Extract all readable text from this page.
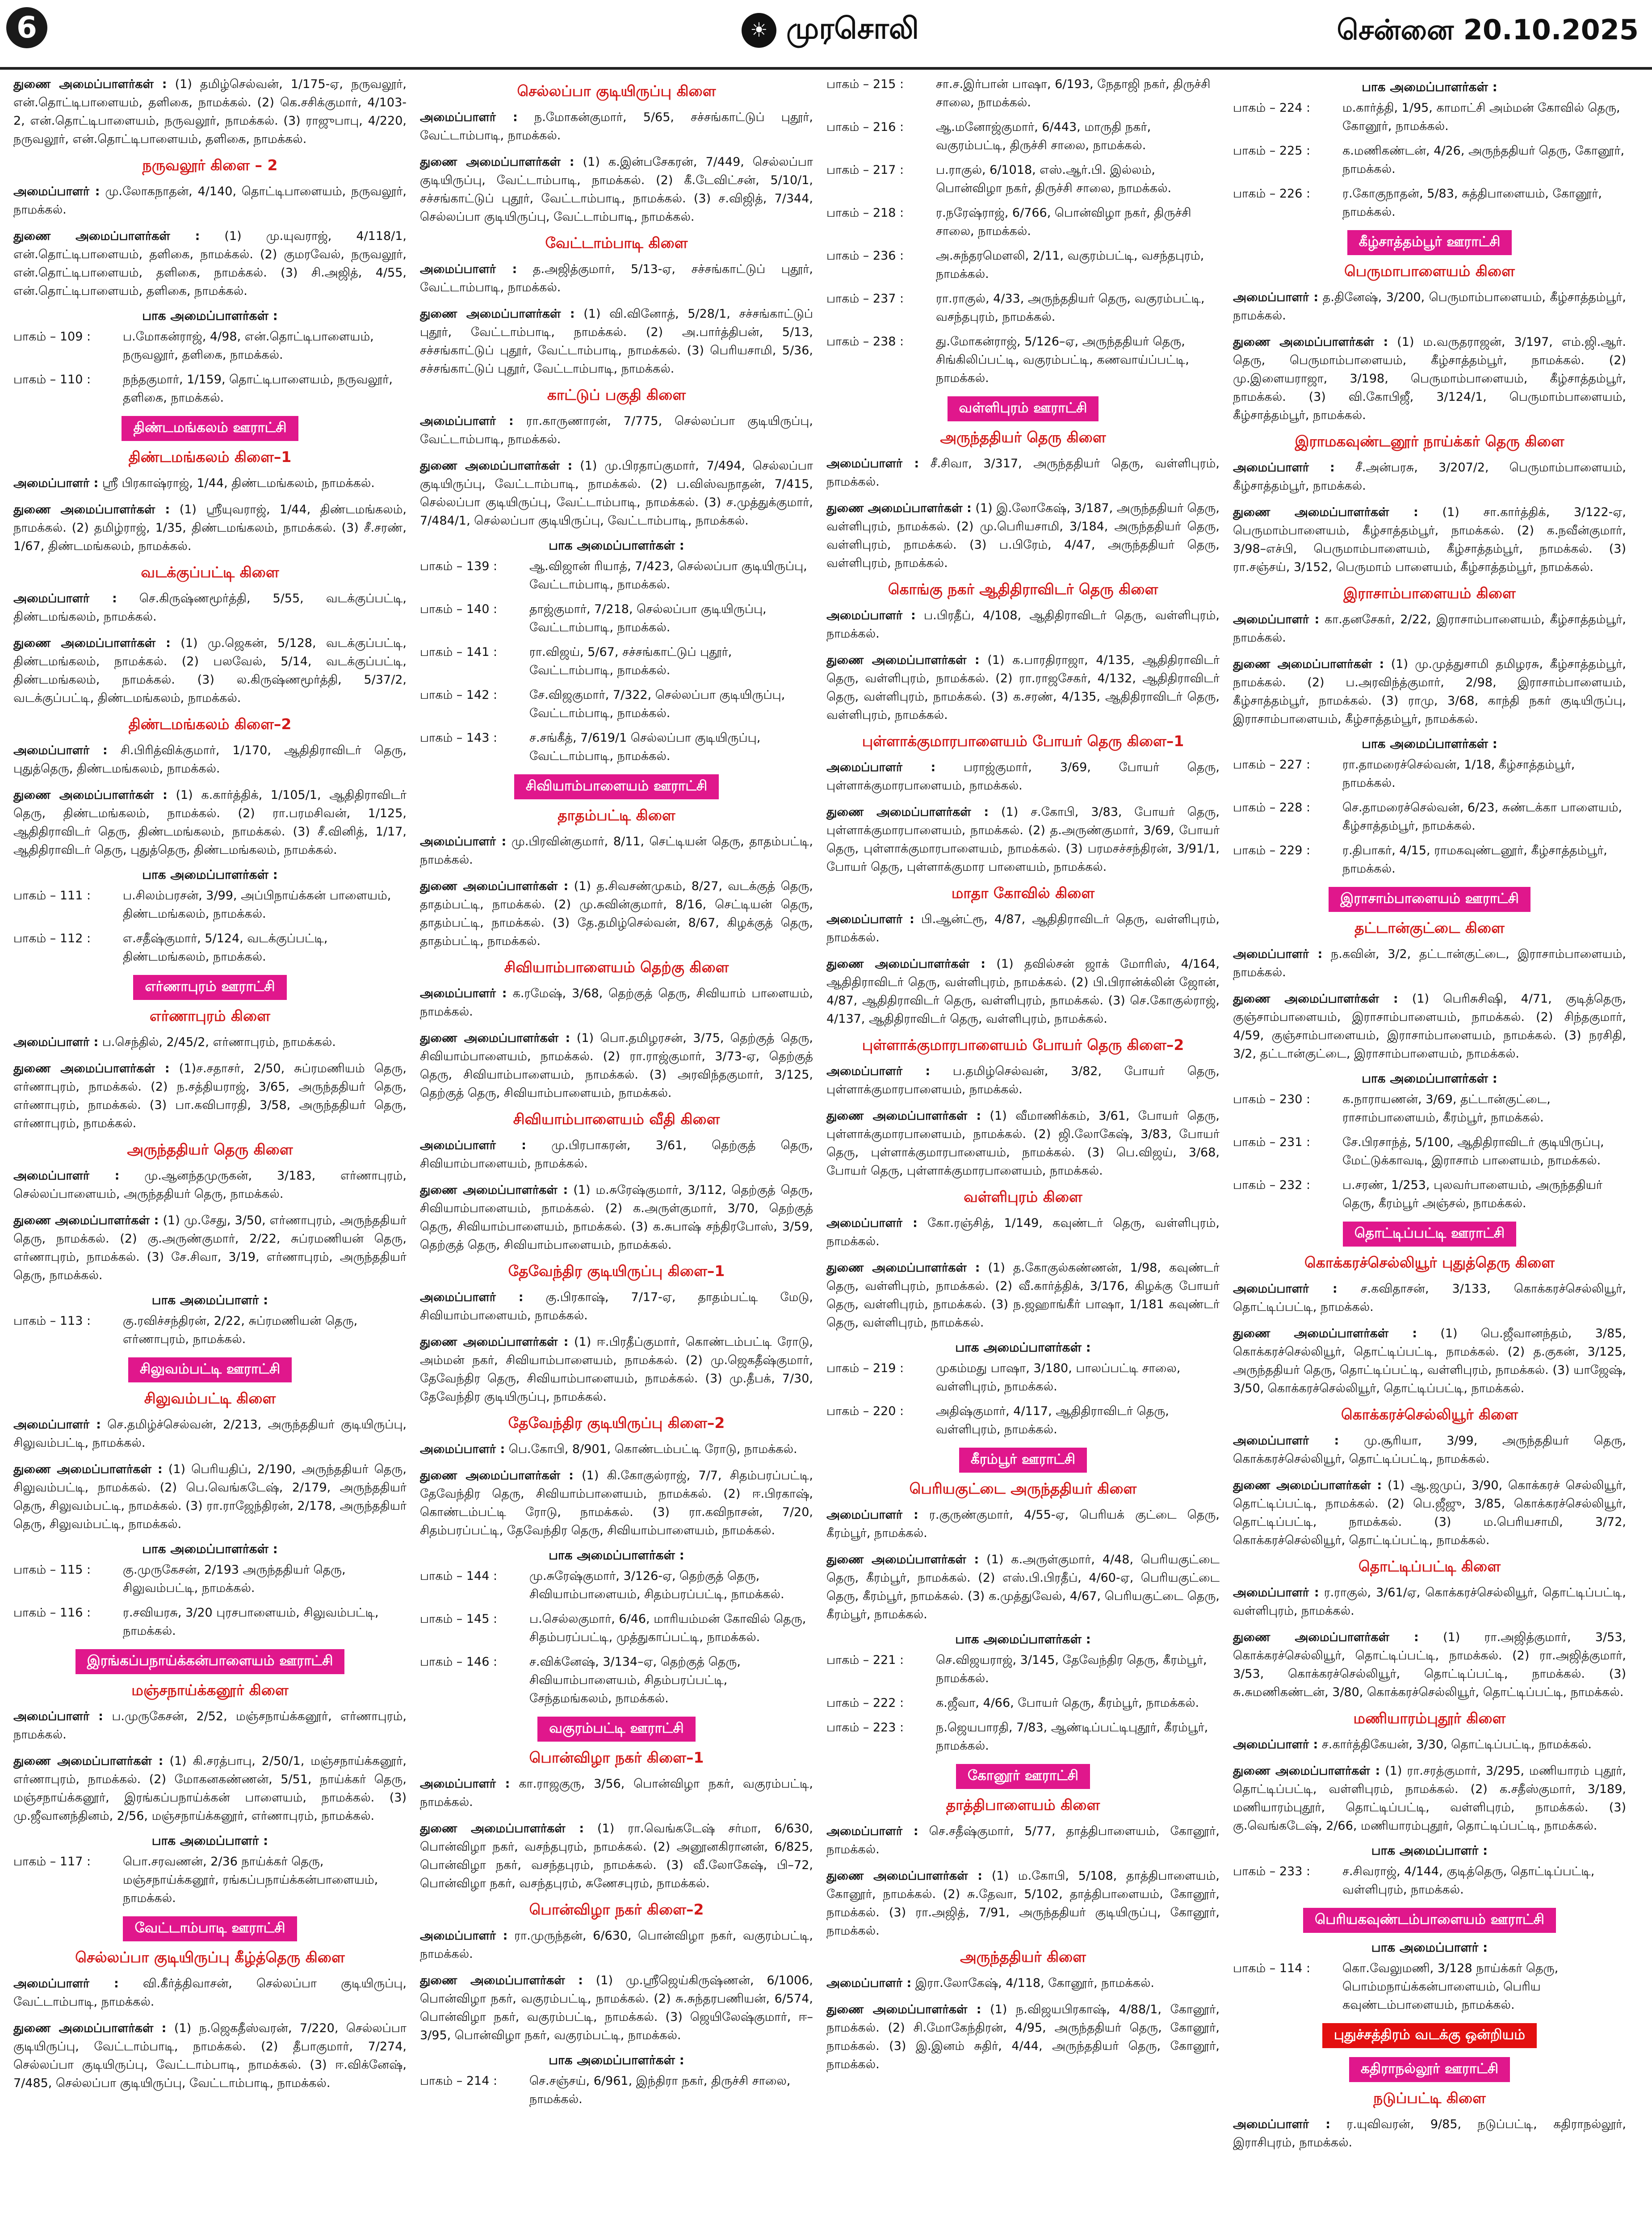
6	☀ முரசொலி	சென்னை 20.10.2025

துணை அமைப்பாளர்கள் : (1) தமிழ்செல்வன், 1/175-ஏ, நருவலூர், என்.தொட்டிபாளையம், தளிகை, நாமக்கல். (2) கெ.சசிக்குமார், 4/103-2, என்.தொட்டிபாளையம், நருவலூர், நாமக்கல். (3) ராஜுபாபு, 4/220, நருவலூர், என்.தொட்டிபாளையம், தளிகை, நாமக்கல்.

நருவலூர் கிளை – 2

அமைப்பாளர் : மு.லோகநாதன், 4/140, தொட்டிபாளையம், நருவலூர், நாமக்கல்.

துணை அமைப்பாளர்கள் : (1) மு.யுவராஜ், 4/118/1, என்.தொட்டிபாளையம், தளிகை, நாமக்கல். (2) குமரவேல், நருவலூர், என்.தொட்டிபாளையம், தளிகை, நாமக்கல். (3) சி.அஜித், 4/55, என்.தொட்டிபாளையம், தளிகை, நாமக்கல்.

பாக அமைப்பாளர்கள் :
பாகம் – 109 :	ப.மோகன்ராஜ், 4/98, என்.தொட்டிபாளையம், நருவலூர், தளிகை, நாமக்கல்.
பாகம் – 110 :	நந்தகுமார், 1/159, தொட்டிபாளையம், நருவலூர், தளிகை, நாமக்கல்.
திண்டமங்கலம் ஊராட்சி
திண்டமங்கலம் கிளை–1

அமைப்பாளர் : ஸ்ரீ பிரகாஷ்ராஜ், 1/44, திண்டமங்கலம், நாமக்கல்.

துணை அமைப்பாளர்கள் : (1) ஸ்ரீயுவராஜ், 1/44, திண்டமங்கலம், நாமக்கல். (2) தமிழ்ராஜ், 1/35, திண்டமங்கலம், நாமக்கல். (3) சீ.சரண், 1/67, திண்டமங்கலம், நாமக்கல்.

வடக்குப்பட்டி கிளை

அமைப்பாளர் : செ.கிருஷ்ணமூர்த்தி, 5/55, வடக்குப்பட்டி, திண்டமங்கலம், நாமக்கல்.

துணை அமைப்பாளர்கள் : (1) மு.ஜெகன், 5/128, வடக்குப்பட்டி, திண்டமங்கலம், நாமக்கல். (2) பலவேல், 5/14, வடக்குப்பட்டி, திண்டமங்கலம், நாமக்கல். (3) ல.கிருஷ்ணமூர்த்தி, 5/37/2, வடக்குப்பட்டி, திண்டமங்கலம், நாமக்கல்.

திண்டமங்கலம் கிளை–2

அமைப்பாளர் : சி.பிரித்விக்குமார், 1/170, ஆதிதிராவிடர் தெரு, புதுத்தெரு, திண்டமங்கலம், நாமக்கல்.

துணை அமைப்பாளர்கள் : (1) க.கார்த்திக், 1/105/1, ஆதிதிராவிடர் தெரு, திண்டமங்கலம், நாமக்கல். (2) ரா.பரமசிவன், 1/125, ஆதிதிராவிடர் தெரு, திண்டமங்கலம், நாமக்கல். (3) சீ.வினித், 1/17, ஆதிதிராவிடர் தெரு, புதுத்தெரு, திண்டமங்கலம், நாமக்கல்.

பாக அமைப்பாளர்கள் :
பாகம் – 111 :	ப.சிலம்பரசன், 3/99, அப்பிநாய்க்கன் பாளையம், திண்டமங்கலம், நாமக்கல்.
பாகம் – 112 :	எ.சதீஷ்குமார், 5/124, வடக்குப்பட்டி, திண்டமங்கலம், நாமக்கல்.
எர்ணாபுரம் ஊராட்சி
எர்ணாபுரம் கிளை

அமைப்பாளர் : ப.செந்தில், 2/45/2, எர்ணாபுரம், நாமக்கல்.

துணை அமைப்பாளர்கள் : (1)ச.சதாசர், 2/50, சுப்ரமணியம் தெரு, எர்ணாபுரம், நாமக்கல். (2) ந.சத்தியராஜ், 3/65, அருந்ததியர் தெரு, எர்ணாபுரம், நாமக்கல். (3) பா.கவிபாரதி, 3/58, அருந்ததியர் தெரு, எர்ணாபுரம், நாமக்கல்.

அருந்ததியர் தெரு கிளை

அமைப்பாளர் : மு.ஆனந்தமுருகன், 3/183, எர்ணாபுரம், செல்லப்பாளையம், அருந்ததியர் தெரு, நாமக்கல்.

துணை அமைப்பாளர்கள் : (1) மு.சேது, 3/50, எர்ணாபுரம், அருந்ததியர் தெரு, நாமக்கல். (2) கு.அருண்குமார், 2/22, சுப்ரமணியன் தெரு, எர்ணாபுரம், நாமக்கல். (3) சே.சிவா, 3/19, எர்ணாபுரம், அருந்ததியர் தெரு, நாமக்கல்.

பாக அமைப்பாளர் :
பாகம் – 113 :	கு.ரவிச்சந்திரன், 2/22, சுப்ரமணியன் தெரு, எர்ணாபுரம், நாமக்கல்.
சிலுவம்பட்டி ஊராட்சி
சிலுவம்பட்டி கிளை

அமைப்பாளர் : செ.தமிழ்ச்செல்வன், 2/213, அருந்ததியர் குடியிருப்பு, சிலுவம்பட்டி, நாமக்கல்.

துணை அமைப்பாளர்கள் : (1) பெரியதிப், 2/190, அருந்ததியர் தெரு, சிலுவம்பட்டி, நாமக்கல். (2) பெ.வெங்கடேஷ், 2/179, அருந்ததியர் தெரு, சிலுவம்பட்டி, நாமக்கல். (3) ரா.ராஜேந்திரன், 2/178, அருந்ததியர் தெரு, சிலுவம்பட்டி, நாமக்கல்.

பாக அமைப்பாளர்கள் :
பாகம் – 115 :	கு.முருகேசன், 2/193 அருந்ததியர் தெரு, சிலுவம்பட்டி, நாமக்கல்.
பாகம் – 116 :	ர.சவியரசு, 3/20 புரசபாளையம், சிலுவம்பட்டி, நாமக்கல்.
இரங்கப்பநாய்க்கன்பாளையம் ஊராட்சி
மஞ்சநாய்க்கனூர் கிளை

அமைப்பாளர் : ப.முருகேசன், 2/52, மஞ்சநாய்க்கனூர், எர்ணாபுரம், நாமக்கல்.

துணை அமைப்பாளர்கள் : (1) கி.சரத்பாபு, 2/50/1, மஞ்சநாய்க்கனூர், எர்ணாபுரம், நாமக்கல். (2) மோகனகண்ணன், 5/51, நாய்க்கர் தெரு, மஞ்சநாய்க்கனூர், இரங்கப்பநாய்க்கன் பாளையம், நாமக்கல். (3) மு.ஜீவானந்தினம், 2/56, மஞ்சநாய்க்கனூர், எர்ணாபுரம், நாமக்கல்.

பாக அமைப்பாளர் :
பாகம் – 117 :	பொ.சரவணன், 2/36 நாய்க்கர் தெரு, மஞ்சநாய்க்கனூர், ரங்கப்பநாய்க்கன்பாளையம், நாமக்கல்.
வேட்டாம்பாடி ஊராட்சி
செல்லப்பா குடியிருப்பு கீழ்த்தெரு கிளை

அமைப்பாளர் : வி.கீர்த்திவாசன், செல்லப்பா குடியிருப்பு, வேட்டாம்பாடி, நாமக்கல்.

துணை அமைப்பாளர்கள் : (1) ந.ஜெகதீஸ்வரன், 7/220, செல்லப்பா குடியிருப்பு, வேட்டாம்பாடி, நாமக்கல். (2) தீபாகுமார், 7/274, செல்லப்பா குடியிருப்பு, வேட்டாம்பாடி, நாமக்கல். (3) ஈ.விக்னேஷ், 7/485, செல்லப்பா குடியிருப்பு, வேட்டாம்பாடி, நாமக்கல்.

செல்லப்பா குடியிருப்பு கிளை

அமைப்பாளர் : ந.மோகன்குமார், 5/65, சச்சங்காட்டுப் புதூர், வேட்டாம்பாடி, நாமக்கல்.

துணை அமைப்பாளர்கள் : (1) க.இன்பசேகரன், 7/449, செல்லப்பா குடியிருப்பு, வேட்டாம்பாடி, நாமக்கல். (2) கீ.டேவிட்சன், 5/10/1, சச்சங்காட்டுப் புதூர், வேட்டாம்பாடி, நாமக்கல். (3) ச.விஜித், 7/344, செல்லப்பா குடியிருப்பு, வேட்டாம்பாடி, நாமக்கல்.

வேட்டாம்பாடி கிளை

அமைப்பாளர் : த.அஜித்குமார், 5/13-ஏ, சச்சங்காட்டுப் புதூர், வேட்டாம்பாடி, நாமக்கல்.

துணை அமைப்பாளர்கள் : (1) வி.வினோத், 5/28/1, சச்சங்காட்டுப் புதூர், வேட்டாம்பாடி, நாமக்கல். (2) அ.பார்த்திபன், 5/13, சச்சங்காட்டுப் புதூர், வேட்டாம்பாடி, நாமக்கல். (3) பெரியசாமி, 5/36, சச்சங்காட்டுப் புதூர், வேட்டாம்பாடி, நாமக்கல்.

காட்டுப் பகுதி கிளை

அமைப்பாளர் : ரா.காருணாரன், 7/775, செல்லப்பா குடியிருப்பு, வேட்டாம்பாடி, நாமக்கல்.

துணை அமைப்பாளர்கள் : (1) மு.பிரதாப்குமார், 7/494, செல்லப்பா குடியிருப்பு, வேட்டாம்பாடி, நாமக்கல். (2) ப.விஸ்வநாதன், 7/415, செல்லப்பா குடியிருப்பு, வேட்டாம்பாடி, நாமக்கல். (3) ச.முத்துக்குமார், 7/484/1, செல்லப்பா குடியிருப்பு, வேட்டாம்பாடி, நாமக்கல்.

பாக அமைப்பாளர்கள் :
பாகம் – 139 :	ஆ.விஜான் ரியாத், 7/423, செல்லப்பா குடியிருப்பு, வேட்டாம்பாடி, நாமக்கல்.
பாகம் – 140 :	தாஜ்குமார், 7/218, செல்லப்பா குடியிருப்பு, வேட்டாம்பாடி, நாமக்கல்.
பாகம் – 141 :	ரா.விஜய், 5/67, சச்சங்காட்டுப் புதூர், வேட்டாம்பாடி, நாமக்கல்.
பாகம் – 142 :	சே.விஜகுமார், 7/322, செல்லப்பா குடியிருப்பு, வேட்டாம்பாடி, நாமக்கல்.
பாகம் – 143 :	ச.சங்கீத், 7/619/1 செல்லப்பா குடியிருப்பு, வேட்டாம்பாடி, நாமக்கல்.
சிவியாம்பாளையம் ஊராட்சி
தாதம்பட்டி கிளை

அமைப்பாளர் : மு.பிரவின்குமார், 8/11, செட்டியன் தெரு, தாதம்பட்டி, நாமக்கல்.

துணை அமைப்பாளர்கள் : (1) த.சிவசண்முகம், 8/27, வடக்குத் தெரு, தாதம்பட்டி, நாமக்கல். (2) மு.சுவின்குமார், 8/16, செட்டியன் தெரு, தாதம்பட்டி, நாமக்கல். (3) தே.தமிழ்செல்வன், 8/67, கிழக்குத் தெரு, தாதம்பட்டி, நாமக்கல்.

சிவியாம்பாளையம் தெற்கு கிளை

அமைப்பாளர் : க.ரமேஷ், 3/68, தெற்குத் தெரு, சிவியாம் பாளையம், நாமக்கல்.

துணை அமைப்பாளர்கள் : (1) பொ.தமிழரசன், 3/75, தெற்குத் தெரு, சிவியாம்பாளையம், நாமக்கல். (2) ரா.ராஜ்குமார், 3/73-ஏ, தெற்குத் தெரு, சிவியாம்பாளையம், நாமக்கல். (3) அரவிந்தகுமார், 3/125, தெற்குத் தெரு, சிவியாம்பாளையம், நாமக்கல்.

சிவியாம்பாளையம் வீதி கிளை

அமைப்பாளர் : மு.பிரபாகரன், 3/61, தெற்குத் தெரு, சிவியாம்பாளையம், நாமக்கல்.

துணை அமைப்பாளர்கள் : (1) ம.சுரேஷ்குமார், 3/112, தெற்குத் தெரு, சிவியாம்பாளையம், நாமக்கல். (2) க.அருள்குமார், 3/70, தெற்குத் தெரு, சிவியாம்பாளையம், நாமக்கல். (3) க.சுபாஷ் சந்திரபோஸ், 3/59, தெற்குத் தெரு, சிவியாம்பாளையம், நாமக்கல்.

தேவேந்திர குடியிருப்பு கிளை–1

அமைப்பாளர் : கு.பிரகாஷ், 7/17-ஏ, தாதம்பட்டி மேடு, சிவியாம்பாளையம், நாமக்கல்.

துணை அமைப்பாளர்கள் : (1) ஈ.பிரதீப்குமார், கொண்டம்பட்டி ரோடு, அம்மன் நகர், சிவியாம்பாளையம், நாமக்கல். (2) மு.ஜெகதீஷ்குமார், தேவேந்திர தெரு, சிவியாம்பாளையம், நாமக்கல். (3) மு.தீபக், 7/30, தேவேந்திர குடியிருப்பு, நாமக்கல்.

தேவேந்திர குடியிருப்பு கிளை–2

அமைப்பாளர் : பெ.கோபி, 8/901, கொண்டம்பட்டி ரோடு, நாமக்கல்.

துணை அமைப்பாளர்கள் : (1) கி.கோகுல்ராஜ், 7/7, சிதம்பரப்பட்டி, தேவேந்திர தெரு, சிவியாம்பாளையம், நாமக்கல். (2) ஈ.பிரகாஷ், கொண்டம்பட்டி ரோடு, நாமக்கல். (3) ரா.கவிநாசன், 7/20, சிதம்பரப்பட்டி, தேவேந்திர தெரு, சிவியாம்பாளையம், நாமக்கல்.

பாக அமைப்பாளர்கள் :
பாகம் – 144 :	மு.சுரேஷ்குமார், 3/126-ஏ, தெற்குத் தெரு, சிவியாம்பாளையம், சிதம்பரப்பட்டி, நாமக்கல்.
பாகம் – 145 :	ப.செல்லகுமார், 6/46, மாரியம்மன் கோவில் தெரு, சிதம்பரப்பட்டி, முத்துகாப்பட்டி, நாமக்கல்.
பாகம் – 146 :	ச.விக்னேஷ், 3/134–ஏ, தெற்குத் தெரு, சிவியாம்பாளையம், சிதம்பரப்பட்டி, சேந்தமங்கலம், நாமக்கல்.
வகுரம்பட்டி ஊராட்சி
பொன்விழா நகர் கிளை–1

அமைப்பாளர் : கா.ராஜகுரு, 3/56, பொன்விழா நகர், வகுரம்பட்டி, நாமக்கல்.

துணை அமைப்பாளர்கள் : (1) ரா.வெங்கடேஷ் சர்மா, 6/630, பொன்விழா நகர், வசந்தபுரம், நாமக்கல். (2) அனூனகிரானன், 6/825, பொன்விழா நகர், வசந்தபுரம், நாமக்கல். (3) வீ.லோகேஷ், பி–72, பொன்விழா நகர், வசந்தபுரம், சுணேசபுரம், நாமக்கல்.

பொன்விழா நகர் கிளை–2

அமைப்பாளர் : ரா.முருந்தன், 6/630, பொன்விழா நகர், வகுரம்பட்டி, நாமக்கல்.

துணை அமைப்பாளர்கள் : (1) மு.ஸ்ரீஜெய்கிருஷ்ணன், 6/1006, பொன்விழா நகர், வகுரம்பட்டி, நாமக்கல். (2) சு.சுந்தரபணியன், 6/574, பொன்விழா நகர், வகுரம்பட்டி, நாமக்கல். (3) ஜெயிலேஷ்குமார், ஈ–3/95, பொன்விழா நகர், வகுரம்பட்டி, நாமக்கல்.

பாக அமைப்பாளர்கள் :
பாகம் – 214 :	செ.சஞ்சய், 6/961, இந்திரா நகர், திருச்சி சாலை, நாமக்கல்.
பாகம் – 215 :	சா.ச.இர்பான் பாஷா, 6/193, நேதாஜி நகர், திருச்சி சாலை, நாமக்கல்.
பாகம் – 216 :	ஆ.மனோஜ்குமார், 6/443, மாருதி நகர், வகுரம்பட்டி, திருச்சி சாலை, நாமக்கல்.
பாகம் – 217 :	ப.ராகுல், 6/1018, எஸ்.ஆர்.பி. இல்லம், பொன்விழா நகர், திருச்சி சாலை, நாமக்கல்.
பாகம் – 218 :	ர.நரேஷ்ராஜ், 6/766, பொன்விழா நகர், திருச்சி சாலை, நாமக்கல்.
பாகம் – 236 :	அ.சுந்தரமௌலி, 2/11, வகுரம்பட்டி, வசந்தபுரம், நாமக்கல்.
பாகம் – 237 :	ரா.ராகுல், 4/33, அருந்ததியர் தெரு, வகுரம்பட்டி, வசந்தபுரம், நாமக்கல்.
பாகம் – 238 :	து.மோகன்ராஜ், 5/126–ஏ, அருந்ததியர் தெரு, சிங்கிலிப்பட்டி, வகுரம்பட்டி, கணவாய்ப்பட்டி, நாமக்கல்.
வள்ளிபுரம் ஊராட்சி
அருந்ததியர் தெரு கிளை

அமைப்பாளர் : சீ.சிவா, 3/317, அருந்ததியர் தெரு, வள்ளிபுரம், நாமக்கல்.

துணை அமைப்பாளர்கள் : (1) இ.லோகேஷ், 3/187, அருந்ததியர் தெரு, வள்ளிபுரம், நாமக்கல். (2) மு.பெரியசாமி, 3/184, அருந்ததியர் தெரு, வள்ளிபுரம், நாமக்கல். (3) ப.பிரேம், 4/47, அருந்ததியர் தெரு, வள்ளிபுரம், நாமக்கல்.

கொங்கு நகர் ஆதிதிராவிடர் தெரு கிளை

அமைப்பாளர் : ப.பிரதீப், 4/108, ஆதிதிராவிடர் தெரு, வள்ளிபுரம், நாமக்கல்.

துணை அமைப்பாளர்கள் : (1) க.பாரதிராஜா, 4/135, ஆதிதிராவிடர் தெரு, வள்ளிபுரம், நாமக்கல். (2) ரா.ராஜசேகர், 4/132, ஆதிதிராவிடர் தெரு, வள்ளிபுரம், நாமக்கல். (3) க.சரண், 4/135, ஆதிதிராவிடர் தெரு, வள்ளிபுரம், நாமக்கல்.

புள்ளாக்குமாரபாளையம் போயர் தெரு கிளை–1

அமைப்பாளர் : பராஜ்குமார், 3/69, போயர் தெரு, புள்ளாக்குமாரபாளையம், நாமக்கல்.

துணை அமைப்பாளர்கள் : (1) ச.கோபி, 3/83, போயர் தெரு, புள்ளாக்குமாரபாளையம், நாமக்கல். (2) த.அருண்குமார், 3/69, போயர் தெரு, புள்ளாக்குமாரபாளையம், நாமக்கல். (3) பரமசச்சந்திரன், 3/91/1, போயர் தெரு, புள்ளாக்குமார பாளையம், நாமக்கல்.

மாதா கோவில் கிளை

அமைப்பாளர் : பி.ஆன்ட்ரூ, 4/87, ஆதிதிராவிடர் தெரு, வள்ளிபுரம், நாமக்கல்.

துணை அமைப்பாளர்கள் : (1) தவில்சன் ஜாக் மோரிஸ், 4/164, ஆதிதிராவிடர் தெரு, வள்ளிபுரம், நாமக்கல். (2) பி.பிரான்க்லின் ஜோன், 4/87, ஆதிதிராவிடர் தெரு, வள்ளிபுரம், நாமக்கல். (3) செ.கோகுல்ராஜ், 4/137, ஆதிதிராவிடர் தெரு, வள்ளிபுரம், நாமக்கல்.

புள்ளாக்குமாரபாளையம் போயர் தெரு கிளை–2

அமைப்பாளர் : ப.தமிழ்செல்வன், 3/82, போயர் தெரு, புள்ளாக்குமாரபாளையம், நாமக்கல்.

துணை அமைப்பாளர்கள் : (1) வீமாணிக்கம், 3/61, போயர் தெரு, புள்ளாக்குமாரபாளையம், நாமக்கல். (2) ஜி.லோகேஷ், 3/83, போயர் தெரு, புள்ளாக்குமாரபாளையம், நாமக்கல். (3) பெ.விஜய், 3/68, போயர் தெரு, புள்ளாக்குமாரபாளையம், நாமக்கல்.

வள்ளிபுரம் கிளை

அமைப்பாளர் : கோ.ரஞ்சித், 1/149, கவுண்டர் தெரு, வள்ளிபுரம், நாமக்கல்.

துணை அமைப்பாளர்கள் : (1) த.கோகுல்கண்ணன், 1/98, கவுண்டர் தெரு, வள்ளிபுரம், நாமக்கல். (2) வீ.கார்த்திக், 3/176, கிழக்கு போயர் தெரு, வள்ளிபுரம், நாமக்கல். (3) ந.ஜஹாங்கீர் பாஷா, 1/181 கவுண்டர் தெரு, வள்ளிபுரம், நாமக்கல்.

பாக அமைப்பாளர்கள் :
பாகம் – 219 :	முகம்மது பாஷா, 3/180, பாலப்பட்டி சாலை, வள்ளிபுரம், நாமக்கல்.
பாகம் – 220 :	அதிஷ்குமார், 4/117, ஆதிதிராவிடர் தெரு, வள்ளிபுரம், நாமக்கல்.
கீரம்பூர் ஊராட்சி
பெரியகுட்டை அருந்ததியர் கிளை

அமைப்பாளர் : ர.குருண்குமார், 4/55-ஏ, பெரியக் குட்டை தெரு, கீரம்பூர், நாமக்கல்.

துணை அமைப்பாளர்கள் : (1) க.அருள்குமார், 4/48, பெரியகுட்டை தெரு, கீரம்பூர், நாமக்கல். (2) எஸ்.பி.பிரதீப், 4/60-ஏ, பெரியகுட்டை தெரு, கீரம்பூர், நாமக்கல். (3) க.முத்துவேல், 4/67, பெரியகுட்டை தெரு, கீரம்பூர், நாமக்கல்.

பாக அமைப்பாளர்கள் :
பாகம் – 221 :	செ.விஜயராஜ், 3/145, தேவேந்திர தெரு, கீரம்பூர், நாமக்கல்.
பாகம் – 222 :	க.ஜீவா, 4/66, போயர் தெரு, கீரம்பூர், நாமக்கல்.
பாகம் – 223 :	ந.ஜெயபாரதி, 7/83, ஆண்டிப்பட்டிபுதூர், கீரம்பூர், நாமக்கல்.
கோனூர் ஊராட்சி
தாத்திபாளையம் கிளை

அமைப்பாளர் : செ.சதீஷ்குமார், 5/77, தாத்திபாளையம், கோனூர், நாமக்கல்.

துணை அமைப்பாளர்கள் : (1) ம.கோபி, 5/108, தாத்திபாளையம், கோனூர், நாமக்கல். (2) சு.தேவா, 5/102, தாத்திபாளையம், கோனூர், நாமக்கல். (3) ரா.அஜித், 7/91, அருந்ததியர் குடியிருப்பு, கோனூர், நாமக்கல்.

அருந்ததியர் கிளை

அமைப்பாளர் : இரா.லோகேஷ், 4/118, கோனூர், நாமக்கல்.

துணை அமைப்பாளர்கள் : (1) ந.விஜயபிரகாஷ், 4/88/1, கோனூர், நாமக்கல். (2) சி.மோகேந்திரன், 4/95, அருந்ததியர் தெரு, கோனூர், நாமக்கல். (3) இ.இனம் சுதிர், 4/44, அருந்ததியர் தெரு, கோனூர், நாமக்கல்.

பாக அமைப்பாளர்கள் :
பாகம் – 224 :	ம.கார்த்தி, 1/95, காமாட்சி அம்மன் கோவில் தெரு, கோனூர், நாமக்கல்.
பாகம் – 225 :	க.மணிகண்டன், 4/26, அருந்ததியர் தெரு, கோனூர், நாமக்கல்.
பாகம் – 226 :	ர.கோகுநாதன், 5/83, சுத்திபாளையம், கோனூர், நாமக்கல்.
கீழ்சாத்தம்பூர் ஊராட்சி
பெருமாபாளையம் கிளை

அமைப்பாளர் : த.தினேஷ், 3/200, பெருமாம்பாளையம், கீழ்சாத்தம்பூர், நாமக்கல்.

துணை அமைப்பாளர்கள் : (1) ம.வருதராஜன், 3/197, எம்.ஜி.ஆர். தெரு, பெருமாம்பாளையம், கீழ்சாத்தம்பூர், நாமக்கல். (2) மு.இளையராஜா, 3/198, பெருமாம்பாளையம், கீழ்சாத்தம்பூர், நாமக்கல். (3) வி.கோபிஜீ, 3/124/1, பெருமாம்பாளையம், கீழ்சாத்தம்பூர், நாமக்கல்.

இராமகவுண்டனூர் நாய்க்கர் தெரு கிளை

அமைப்பாளர் : சீ.அன்பரசு, 3/207/2, பெருமாம்பாளையம், கீழ்சாத்தம்பூர், நாமக்கல்.

துணை அமைப்பாளர்கள் : (1) சா.கார்த்திக், 3/122-ஏ, பெருமாம்பாளையம், கீழ்சாத்தம்பூர், நாமக்கல். (2) க.நவீன்குமார், 3/98–எச்பி, பெருமாம்பாளையம், கீழ்சாத்தம்பூர், நாமக்கல். (3) ரா.சஞ்சய், 3/152, பெருமாம் பாளையம், கீழ்சாத்தம்பூர், நாமக்கல்.

இராசாம்பாளையம் கிளை

அமைப்பாளர் : கா.தனசேகர், 2/22, இராசாம்பாளையம், கீழ்சாத்தம்பூர், நாமக்கல்.

துணை அமைப்பாளர்கள் : (1) மு.முத்துசாமி தமிழரசு, கீழ்சாத்தம்பூர், நாமக்கல். (2) ப.அரவிந்த்குமார், 2/98, இராசாம்பாளையம், கீழ்சாத்தம்பூர், நாமக்கல். (3) ராமு, 3/68, காந்தி நகர் குடியிருப்பு, இராசாம்பாளையம், கீழ்சாத்தம்பூர், நாமக்கல்.

பாக அமைப்பாளர்கள் :
பாகம் – 227 :	ரா.தாமரைச்செல்வன், 1/18, கீழ்சாத்தம்பூர், நாமக்கல்.
பாகம் – 228 :	செ.தாமரைச்செல்வன், 6/23, சுண்டக்கா பாளையம், கீழ்சாத்தம்பூர், நாமக்கல்.
பாகம் – 229 :	ர.திபாகர், 4/15, ராமகவுண்டனூர், கீழ்சாத்தம்பூர், நாமக்கல்.
இராசாம்பாளையம் ஊராட்சி
தட்டான்குட்டை கிளை

அமைப்பாளர் : ந.கவின், 3/2, தட்டான்குட்டை, இராசாம்பாளையம், நாமக்கல்.

துணை அமைப்பாளர்கள் : (1) பெரிசுசிஷி, 4/71, குடித்தெரு, குஞ்சாம்பாளையம், இராசாம்பாளையம், நாமக்கல். (2) சிந்தகுமார், 4/59, குஞ்சாம்பாளையம், இராசாம்பாளையம், நாமக்கல். (3) நரசிதி, 3/2, தட்டான்குட்டை, இராசாம்பாளையம், நாமக்கல்.

பாக அமைப்பாளர்கள் :
பாகம் – 230 :	க.நாராயணன், 3/69, தட்டான்குட்டை, ராசாம்பாளையம், கீரம்பூர், நாமக்கல்.
பாகம் – 231 :	சே.பிரசாந்த், 5/100, ஆதிதிராவிடர் குடியிருப்பு, மேட்டுக்காவடி, இராசாம் பாளையம், நாமக்கல்.
பாகம் – 232 :	ப.சரண், 1/253, புலவர்பாளையம், அருந்ததியர் தெரு, கீரம்பூர் அஞ்சல், நாமக்கல்.
தொட்டிப்பட்டி ஊராட்சி
கொக்கரச்செல்லியூர் புதுத்தெரு கிளை

அமைப்பாளர் : ச.கவிதாசன், 3/133, கொக்கரச்செல்லியூர், தொட்டிப்பட்டி, நாமக்கல்.

துணை அமைப்பாளர்கள் : (1) பெ.ஜீவானந்தம், 3/85, கொக்கரச்செல்லியூர், தொட்டிப்பட்டி, நாமக்கல். (2) த.குகன், 3/125, அருந்ததியர் தெரு, தொட்டிப்பட்டி, வள்ளிபுரம், நாமக்கல். (3) யாஜேஷ், 3/50, கொக்கரச்செல்லியூர், தொட்டிப்பட்டி, நாமக்கல்.

கொக்கரச்செல்லியூர் கிளை

அமைப்பாளர் : மு.சூரியா, 3/99, அருந்ததியர் தெரு, கொக்கரச்செல்லியூர், தொட்டிப்பட்டி, நாமக்கல்.

துணை அமைப்பாளர்கள் : (1) ஆ.ஜமுப், 3/90, கொக்கரச் செல்லியூர், தொட்டிப்பட்டி, நாமக்கல். (2) பெ.ஜீஜு, 3/85, கொக்கரச்செல்லியூர், தொட்டிப்பட்டி, நாமக்கல். (3) ம.பெரியசாமி, 3/72, கொக்கரச்செல்லியூர், தொட்டிப்பட்டி, நாமக்கல்.

தொட்டிப்பட்டி கிளை

அமைப்பாளர் : ர.ராகுல், 3/61/ஏ, கொக்கரச்செல்லியூர், தொட்டிப்பட்டி, வள்ளிபுரம், நாமக்கல்.

துணை அமைப்பாளர்கள் : (1) ரா.அஜித்குமார், 3/53, கொக்கரச்செல்லியூர், தொட்டிப்பட்டி, நாமக்கல். (2) ரா.அஜித்குமார், 3/53, கொக்கரச்செல்லியூர், தொட்டிப்பட்டி, நாமக்கல். (3) சு.சுமணிகண்டன், 3/80, கொக்கரச்செல்லியூர், தொட்டிப்பட்டி, நாமக்கல்.

மணியாரம்புதூர் கிளை

அமைப்பாளர் : ச.கார்த்திகேயன், 3/30, தொட்டிப்பட்டி, நாமக்கல்.

துணை அமைப்பாளர்கள் : (1) ரா.சரத்குமார், 3/295, மணியாரம் புதூர், தொட்டிப்பட்டி, வள்ளிபுரம், நாமக்கல். (2) க.சதீஸ்குமார், 3/189, மணியாரம்புதூர், தொட்டிப்பட்டி, வள்ளிபுரம், நாமக்கல். (3) கு.வெங்கடேஷ், 2/66, மணியாரம்புதூர், தொட்டிப்பட்டி, நாமக்கல்.

பாக அமைப்பாளர் :
பாகம் – 233 :	ச.சிவராஜ், 4/144, குடித்தெரு, தொட்டிப்பட்டி, வள்ளிபுரம், நாமக்கல்.
பெரியகவுண்டம்பாளையம் ஊராட்சி
பாக அமைப்பாளர் :
பாகம் – 114 :	கொ.வேலுமணி, 3/128 நாய்க்கர் தெரு, பொம்மநாய்க்கன்பாளையம், பெரிய கவுண்டம்பாளையம், நாமக்கல்.
புதுச்சத்திரம் வடக்கு ஒன்றியம்
கதிராநல்லூர் ஊராட்சி
நடுப்பட்டி கிளை

அமைப்பாளர் : ர.யுவிவரன், 9/85, நடுப்பட்டி, கதிராநல்லூர், இராசிபுரம், நாமக்கல்.
